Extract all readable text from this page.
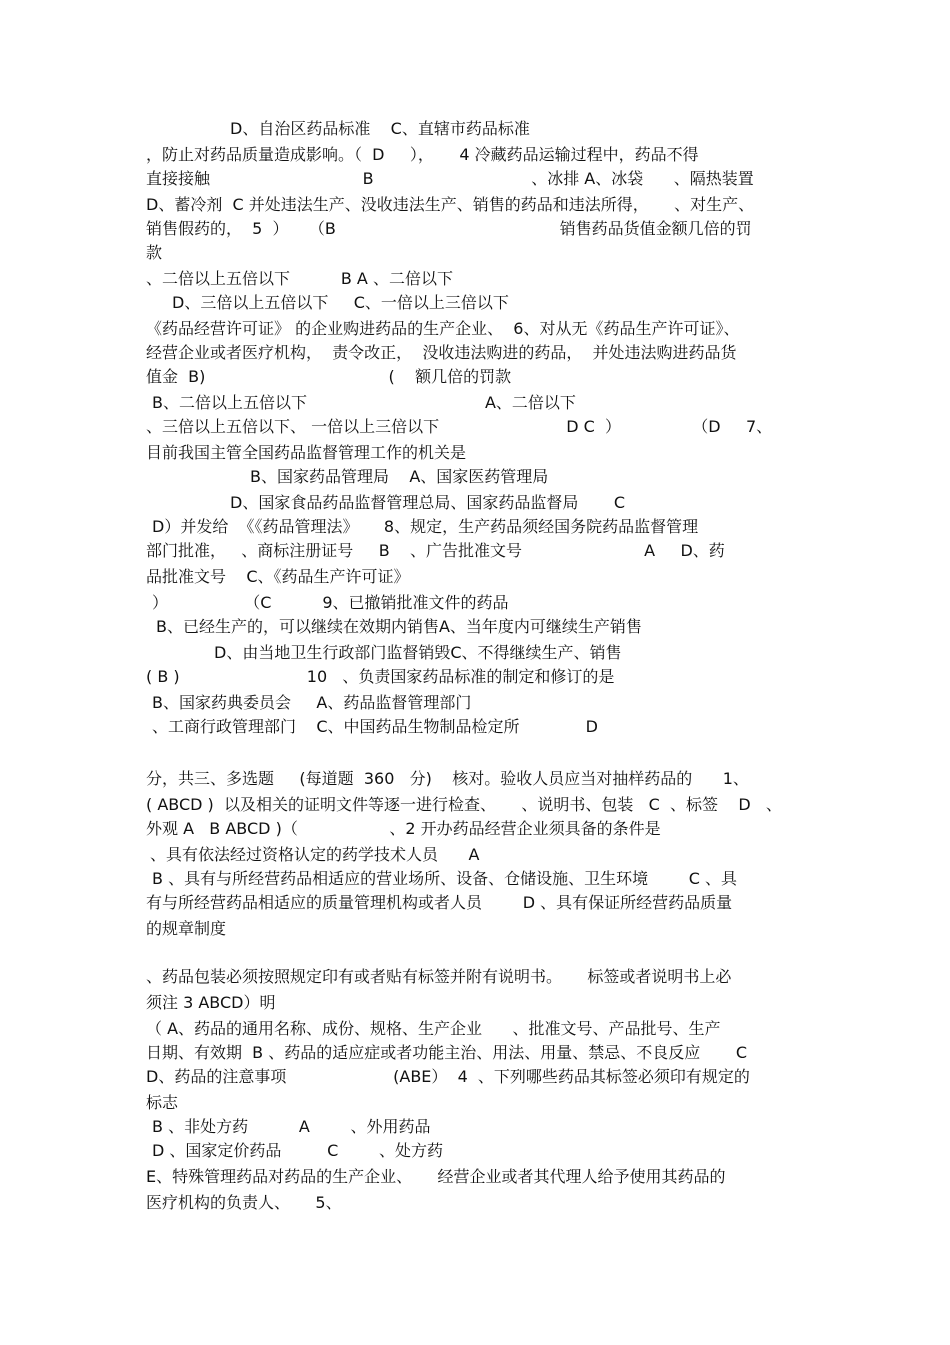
D、自治区药品标准    C、直辖市药品标准
，防止对药品质量造成影响。（  D     ），     4 冷藏药品运输过程中，药品不得
直接接触                              B                               、冰排 A、冰袋      、隔热装置
D、蓄冷剂  C 并处违法生产、没收违法生产、销售的药品和违法所得，     、对生产、
销售假药的，  5  ）    （B                                            销售药品货值金额几倍的罚
款
、二倍以上五倍以下          B A 、二倍以下
D、三倍以上五倍以下     C、一倍以上三倍以下
《药品经营许可证》 的企业购进药品的生产企业、  6、对从无《药品生产许可证》、
经营企业或者医疗机构，  责令改正，  没收违法购进的药品，  并处违法购进药品货
值金  B)                                    (    额几倍的罚款
B、二倍以上五倍以下                                   A、二倍以下
、三倍以上五倍以下、 一倍以上三倍以下                         D C  ）              （D     7、
目前我国主管全国药品监督管理工作的机关是
B、国家药品管理局    A、国家医药管理局
D、国家食品药品监督管理总局、国家药品监督局       C
D）并发给  《《药品管理法》     8、规定，生产药品须经国务院药品监督管理
部门批准，   、商标注册证号     B    、广告批准文号                        A     D、药
品批准文号    C、《药品生产许可证》
）               （C          9、已撤销批准文件的药品
B、已经生产的，可以继续在效期内销售A、当年度内可继续生产销售
D、由当地卫生行政部门监督销毁C、不得继续生产、销售
( B )                         10   、负责国家药品标准的制定和修订的是
B、国家药典委员会     A、药品监督管理部门
、工商行政管理部门    C、中国药品生物制品检定所             D
分，共三、多选题     (每道题  360   分)    核对。验收人员应当对抽样药品的      1、
( ABCD )  以及相关的证明文件等逐一进行检查、     、说明书、包装   C  、标签    D   、
外观 A   B ABCD )（                  、2 开办药品经营企业须具备的条件是
、具有依法经过资格认定的药学技术人员      A
B 、具有与所经营药品相适应的营业场所、设备、仓储设施、卫生环境        C 、具
有与所经营药品相适应的质量管理机构或者人员        D 、具有保证所经营药品质量
的规章制度
、药品包装必须按照规定印有或者贴有标签并附有说明书。     标签或者说明书上必
须注 3 ABCD）明
（ A、药品的通用名称、成份、规格、生产企业      、批准文号、产品批号、生产
日期、有效期  B 、药品的适应症或者功能主治、用法、用量、禁忌、不良反应       C
D、药品的注意事项                     (ABE）  4  、下列哪些药品其标签必须印有规定的
标志
B 、非处方药          A        、外用药品
D 、国家定价药品         C        、处方药
E、特殊管理药品对药品的生产企业、     经营企业或者其代理人给予使用其药品的
医疗机构的负责人、     5、
